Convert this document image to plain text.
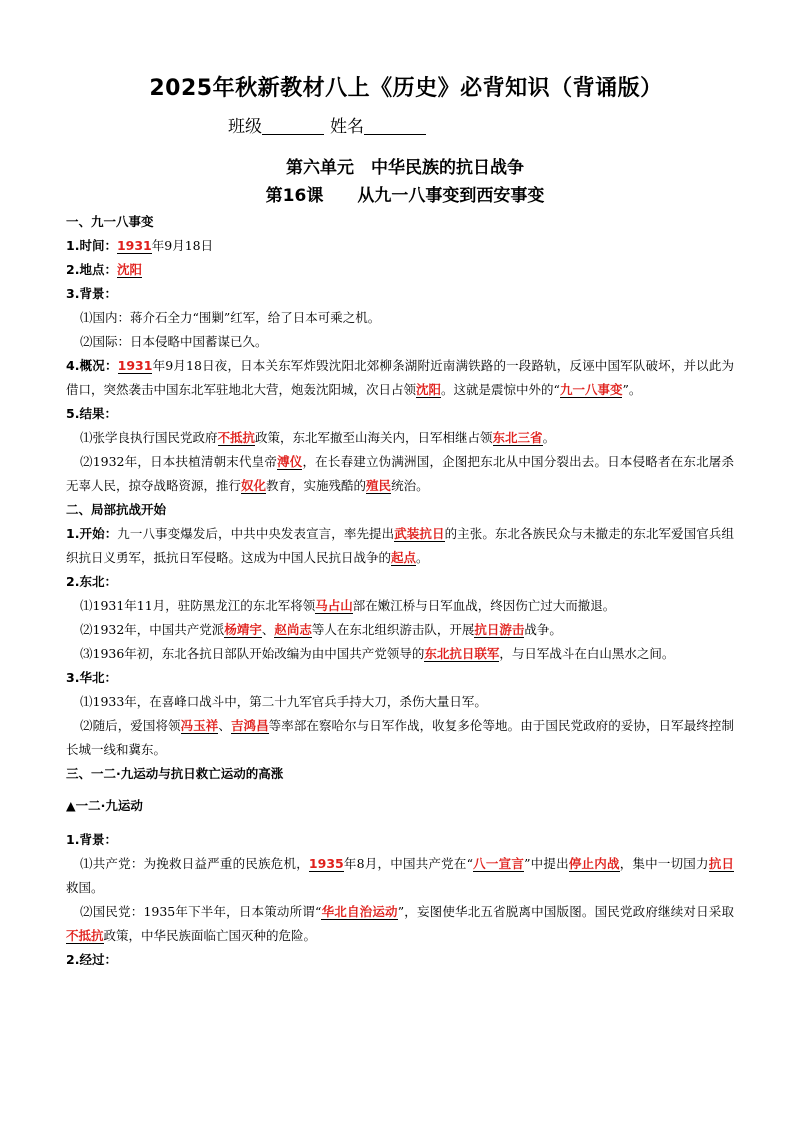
2025年秋新教材八上《历史》必背知识（背诵版）
班级	姓名
第六单元　中华民族的抗日战争
第16课 从九一八事变到西安事变
一、九一八事变

1.时间：1931年9月18日

2.地点：沈阳

3.背景：

⑴国内：蒋介石全力“围剿”红军，给了日本可乘之机。

⑵国际：日本侵略中国蓄谋已久。

4.概况：1931年9月18日夜，日本关东军炸毁沈阳北郊柳条湖附近南满铁路的一段路轨，反诬中国军队破坏，并以此为借口，突然袭击中国东北军驻地北大营，炮轰沈阳城，次日占领沈阳。这就是震惊中外的“九一八事变”。

5.结果：

⑴张学良执行国民党政府不抵抗政策，东北军撤至山海关内，日军相继占领东北三省。

⑵1932年，日本扶植清朝末代皇帝溥仪，在长春建立伪满洲国，企图把东北从中国分裂出去。日本侵略者在东北屠杀无辜人民，掠夺战略资源，推行奴化教育，实施残酷的殖民统治。

二、局部抗战开始

1.开始：九一八事变爆发后，中共中央发表宣言，率先提出武装抗日的主张。东北各族民众与未撤走的东北军爱国官兵组织抗日义勇军，抵抗日军侵略。这成为中国人民抗日战争的起点。

2.东北：

⑴1931年11月，驻防黑龙江的东北军将领马占山部在嫩江桥与日军血战，终因伤亡过大而撤退。

⑵1932年，中国共产党派杨靖宇、赵尚志等人在东北组织游击队，开展抗日游击战争。

⑶1936年初，东北各抗日部队开始改编为由中国共产党领导的东北抗日联军，与日军战斗在白山黑水之间。

3.华北：

⑴1933年，在喜峰口战斗中，第二十九军官兵手持大刀，杀伤大量日军。

⑵随后，爱国将领冯玉祥、吉鸿昌等率部在察哈尔与日军作战，收复多伦等地。由于国民党政府的妥协，日军最终控制长城一线和冀东。

三、一二·九运动与抗日救亡运动的高涨
▲一二·九运动

1.背景：

⑴共产党：为挽救日益严重的民族危机，1935年8月，中国共产党在“八一宣言”中提出停止内战，集中一切国力抗日救国。

⑵国民党：1935年下半年，日本策动所谓“华北自治运动”，妄图使华北五省脱离中国版图。国民党政府继续对日采取不抵抗政策，中华民族面临亡国灭种的危险。

2.经过：
